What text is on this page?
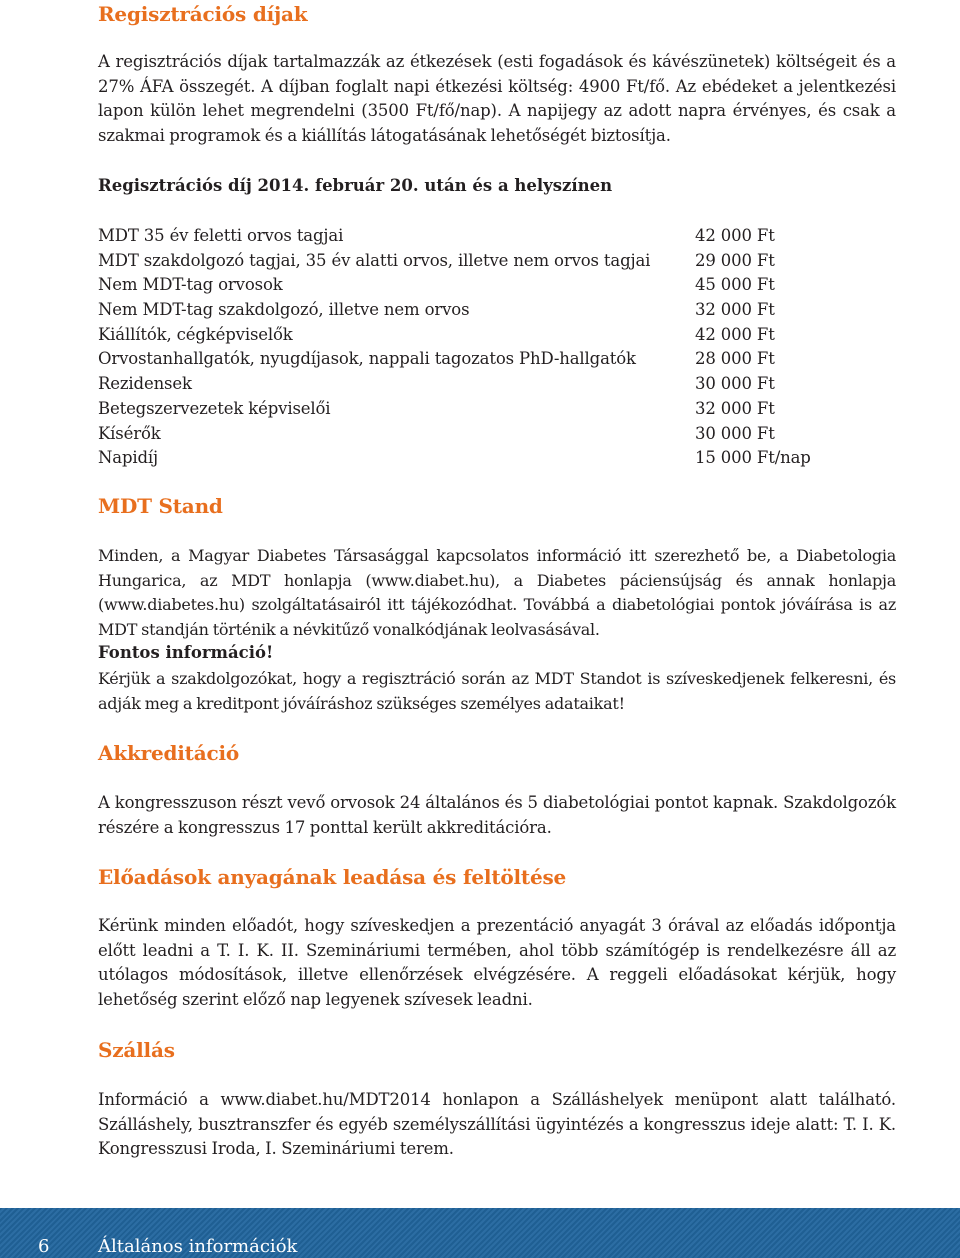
Regisztrációs díjak

A regisztrációs díjak tartalmazzák az étkezések (esti fogadások és kávészünetek) költségeit és a 27% ÁFA összegét. A díjban foglalt napi étkezési költség: 4900 Ft/fő. Az ebédeket a jelentkezési lapon külön lehet megrendelni (3500 Ft/fő/nap). A napijegy az adott napra érvényes, és csak a szakmai programok és a kiállítás látogatásának lehetőségét biztosítja.

Regisztrációs díj 2014. február 20. után és a helyszínen

MDT 35 év feletti orvos tagjai	42 000 Ft
MDT szakdolgozó tagjai, 35 év alatti orvos, illetve nem orvos tagjai	29 000 Ft
Nem MDT-tag orvosok	45 000 Ft
Nem MDT-tag szakdolgozó, illetve nem orvos	32 000 Ft
Kiállítók, cégképviselők	42 000 Ft
Orvostanhallgatók, nyugdíjasok, nappali tagozatos PhD-hallgatók	28 000 Ft
Rezidensek	30 000 Ft
Betegszervezetek képviselői	32 000 Ft
Kísérők	30 000 Ft
Napidíj	15 000 Ft/nap
MDT Stand

Minden, a Magyar Diabetes Társasággal kapcsolatos információ itt szerezhető be, a Diabetologia Hungarica, az MDT honlapja (www.diabet.hu), a Diabetes páciensújság és annak honlapja (www.diabetes.hu) szolgáltatásairól itt tájékozódhat. Továbbá a diabetológiai pontok jóváírása is az MDT standján történik a névkitűző vonalkódjának leolvasásával.

Fontos információ!

Kérjük a szakdolgozókat, hogy a regisztráció során az MDT Standot is szíveskedjenek felkeresni, és adják meg a kreditpont jóváíráshoz szükséges személyes adataikat!

Akkreditáció

A kongresszuson részt vevő orvosok 24 általános és 5 diabetológiai pontot kapnak. Szakdolgozók részére a kongresszus 17 ponttal került akkreditációra.

Előadások anyagának leadása és feltöltése

Kérünk minden előadót, hogy szíveskedjen a prezentáció anyagát 3 órával az előadás időpontja előtt leadni a T. I. K. II. Szemináriumi termében, ahol több számítógép is rendelkezésre áll az utólagos módosítások, illetve ellenőrzések elvégzésére. A reggeli előadásokat kérjük, hogy lehetőség szerint előző nap legyenek szívesek leadni.

Szállás

Információ a www.diabet.hu/MDT2014 honlapon a Szálláshelyek menüpont alatt található. Szálláshely, busztranszfer és egyéb személyszállítási ügyintézés a kongresszus ideje alatt: T. I. K. Kongresszusi Iroda, I. Szemináriumi terem.

6	Általános információk
